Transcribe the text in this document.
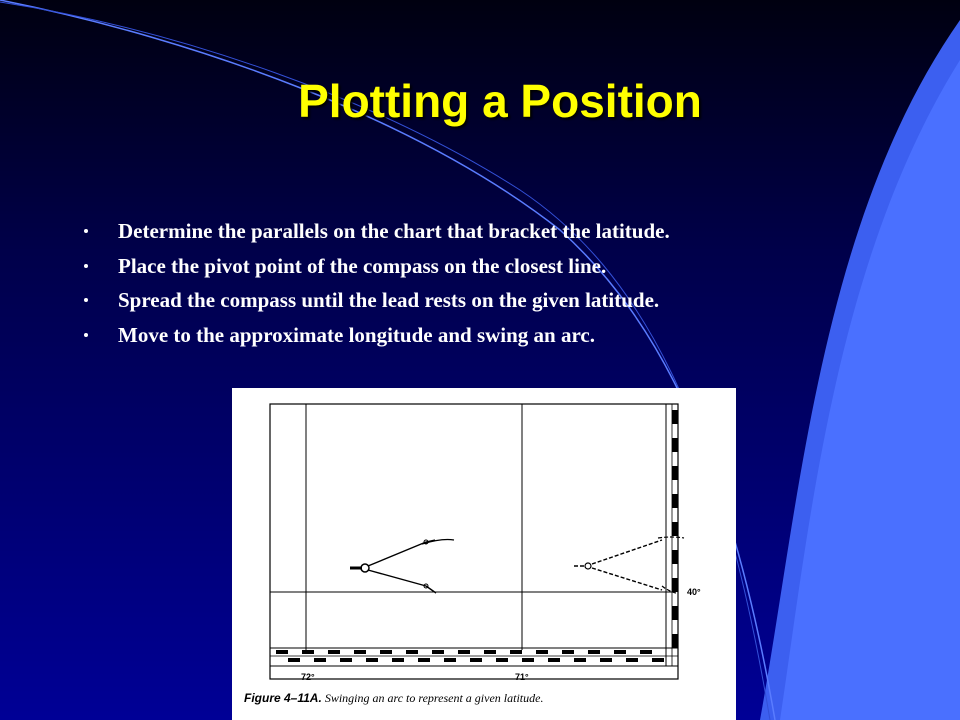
Plotting a Position
Determine the parallels on the chart that bracket the latitude.
Place the pivot point of the compass on the closest line.
Spread the compass until the lead rests on the given latitude.
Move to the approximate longitude and swing an arc.
72°	71°
40°
Figure 4–11A. Swinging an arc to represent a given latitude.
